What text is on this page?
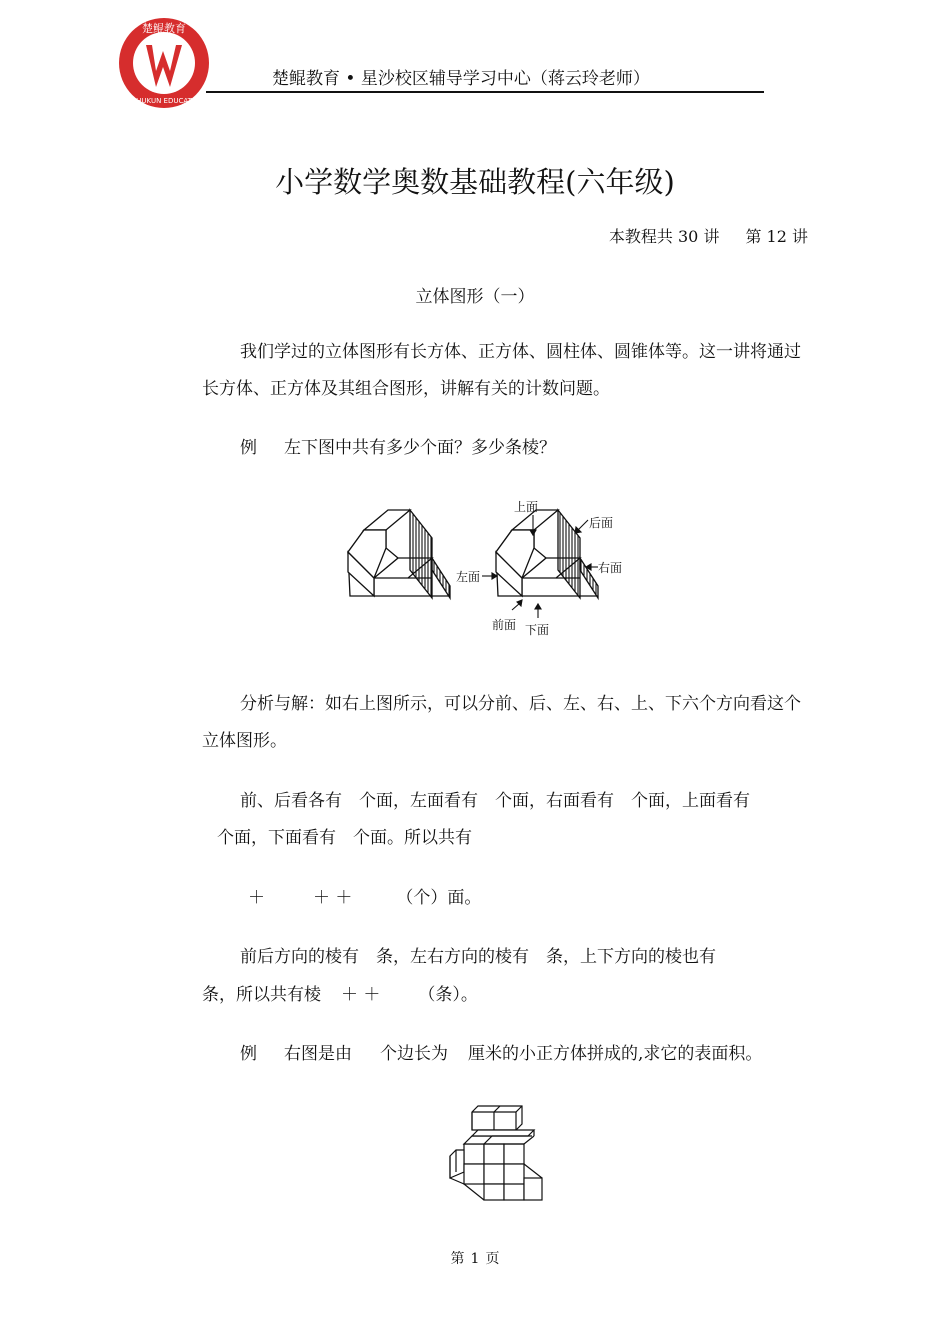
楚鲲教育
CHUKUN EDUCATION
楚鲲教育 • 星沙校区辅导学习中心（蒋云玲老师）
小学数学奥数基础教程(六年级)
本教程共 30 讲 第 12 讲
立体图形（一）
我们学过的立体图形有长方体、正方体、圆柱体、圆锥体等。这一讲将通过长方体、正方体及其组合图形，讲解有关的计数问题。
例 左下图中共有多少个面？多少条棱？
上面
后面
右面
左面
前面 下面
分析与解：如右上图所示，可以分前、后、左、右、上、下六个方向看这个立体图形。
前、后看各有　个面，左面看有　个面，右面看有　个面，上面看有
个面，下面看有　个面。所以共有
＋	＋ ＋	（个）面。
前后方向的棱有　条，左右方向的棱有　条，上下方向的棱也有
条，所以共有棱 ＋ ＋ （条）。
例 右图是由 个边长为 厘米的小正方体拼成的,求它的表面积。
第 1 页
